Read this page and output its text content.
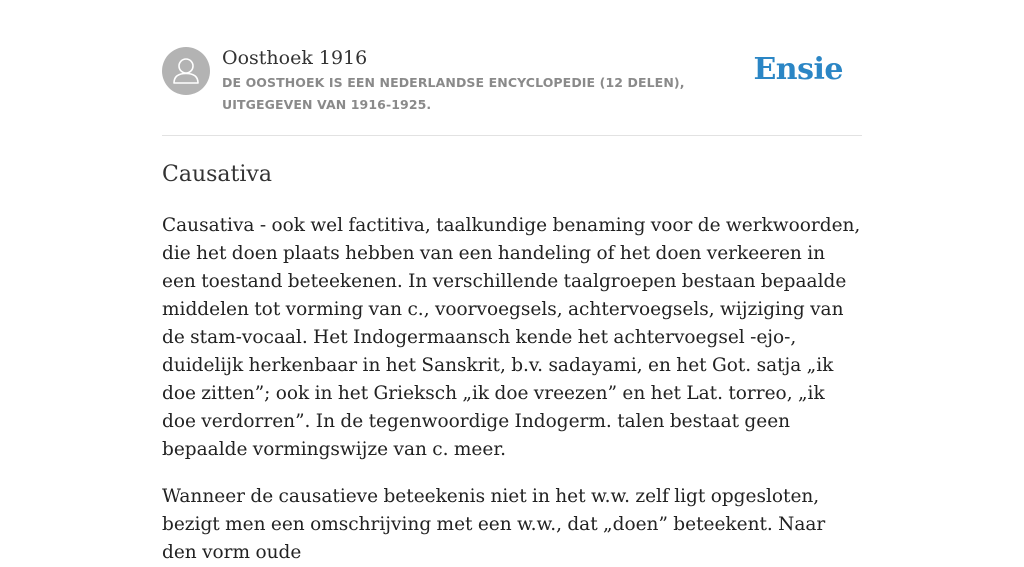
Oosthoek 1916
DE OOSTHOEK IS EEN NEDERLANDSE ENCYCLOPEDIE (12 DELEN), UITGEGEVEN VAN 1916-1925.
Ensie
Causativa

Causativa - ook wel factitiva, taalkundige benaming voor de werkwoorden, die het doen plaats hebben van een handeling of het doen verkeeren in een toestand beteekenen. In verschillende taalgroepen bestaan bepaalde middelen tot vorming van c., voorvoegsels, achtervoegsels, wijziging van de stam-vocaal. Het Indogermaansch kende het achtervoegsel -ejo-, duidelijk herkenbaar in het Sanskrit, b.v. sadayami, en het Got. satja „ik doe zitten”; ook in het Grieksch „ik doe vreezen” en het Lat. torreo, „ik doe verdorren”. In de tegenwoordige Indogerm. talen bestaat geen bepaalde vormingswijze van c. meer.

Wanneer de causatieve beteekenis niet in het w.w. zelf ligt opgesloten, bezigt men een omschrijving met een w.w., dat „doen” beteekent. Naar den vorm oude
